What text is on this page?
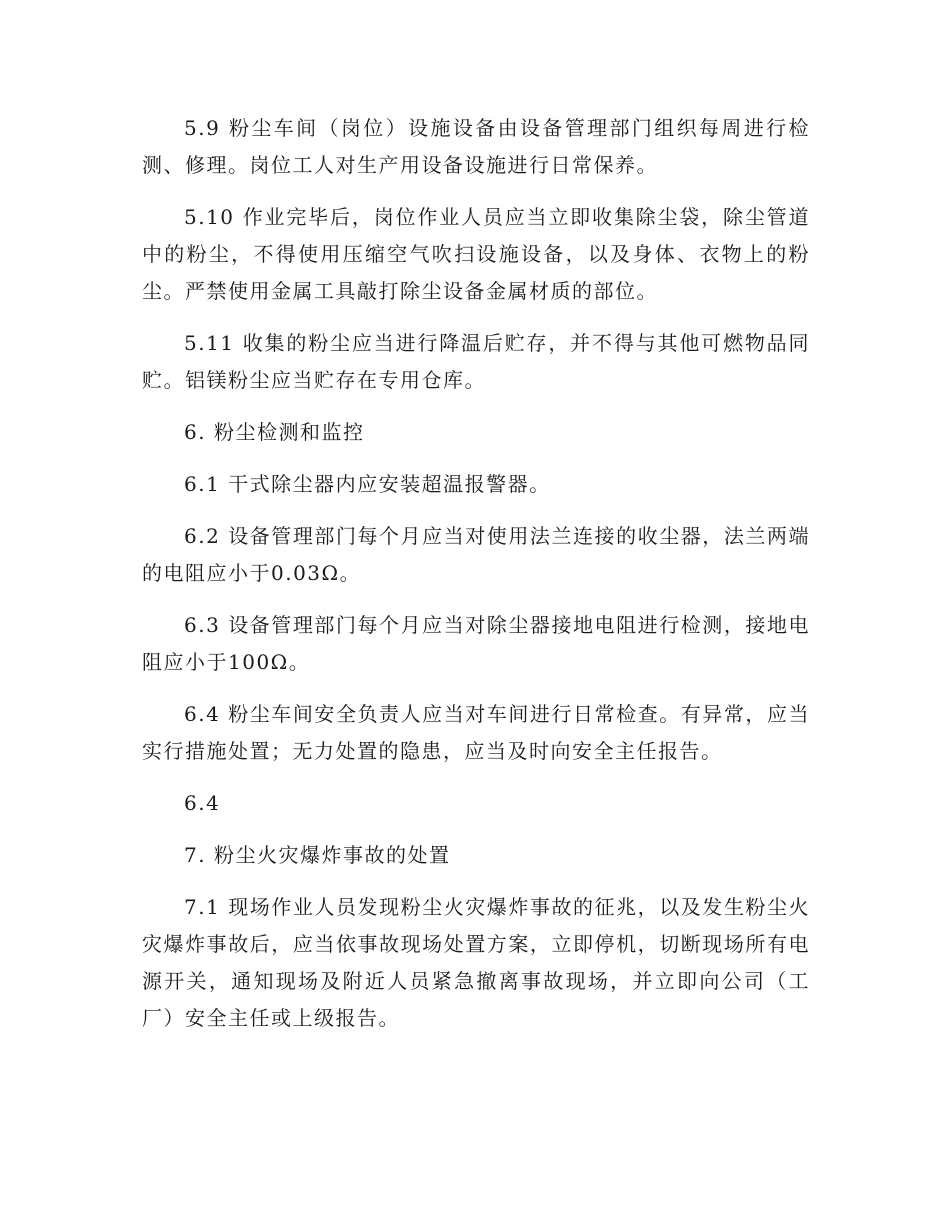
5.9 粉尘车间（岗位）设施设备由设备管理部门组织每周进行检测、修理。岗位工人对生产用设备设施进行日常保养。

5.10 作业完毕后，岗位作业人员应当立即收集除尘袋，除尘管道中的粉尘，不得使用压缩空气吹扫设施设备，以及身体、衣物上的粉尘。严禁使用金属工具敲打除尘设备金属材质的部位。

5.11 收集的粉尘应当进行降温后贮存，并不得与其他可燃物品同贮。铝镁粉尘应当贮存在专用仓库。

6. 粉尘检测和监控

6.1 干式除尘器内应安装超温报警器。

6.2 设备管理部门每个月应当对使用法兰连接的收尘器，法兰两端的电阻应小于0.03Ω。

6.3 设备管理部门每个月应当对除尘器接地电阻进行检测，接地电阻应小于100Ω。

6.4 粉尘车间安全负责人应当对车间进行日常检查。有异常，应当实行措施处置；无力处置的隐患，应当及时向安全主任报告。

6.4

7. 粉尘火灾爆炸事故的处置

7.1 现场作业人员发现粉尘火灾爆炸事故的征兆，以及发生粉尘火灾爆炸事故后，应当依事故现场处置方案，立即停机，切断现场所有电源开关，通知现场及附近人员紧急撤离事故现场，并立即向公司（工厂）安全主任或上级报告。
